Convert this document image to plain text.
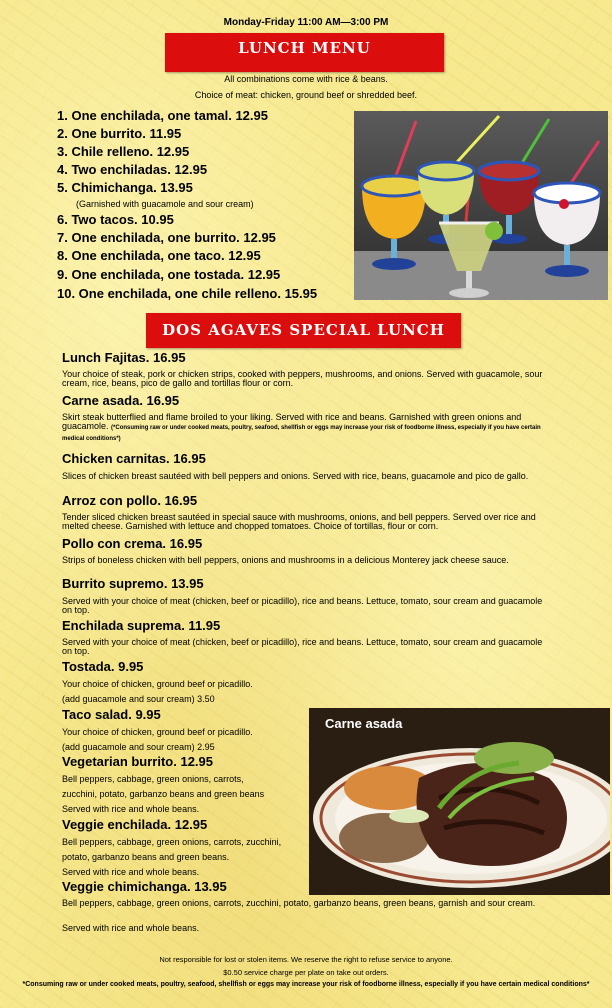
Monday-Friday 11:00 AM—3:00 PM
LUNCH MENU
All combinations come with rice & beans.
Choice of meat: chicken, ground beef or shredded beef.
1. One enchilada, one tamal. 12.95
2. One burrito. 11.95
3. Chile relleno. 12.95
4. Two enchiladas. 12.95
5. Chimichanga. 13.95
(Garnished with guacamole and sour cream)
6. Two tacos. 10.95
7. One enchilada, one burrito. 12.95
8. One enchilada, one taco. 12.95
9. One enchilada, one tostada. 12.95
10. One enchilada, one chile relleno. 15.95
DOS AGAVES SPECIAL LUNCH
Lunch Fajitas. 16.95
Your choice of steak, pork or chicken strips, cooked with peppers, mushrooms, and onions. Served with guacamole, sour cream, rice, beans, pico de gallo and tortillas flour or corn.
Carne asada. 16.95
Skirt steak butterflied and flame broiled to your liking. Served with rice and beans. Garnished with green onions and guacamole. (*Consuming raw or under cooked meats, poultry, seafood, shellfish or eggs may increase your risk of foodborne illness, especially if you have certain medical conditions*)
Chicken carnitas. 16.95
Slices of chicken breast sautéed with bell peppers and onions. Served with rice, beans, guacamole and pico de gallo.
Arroz con pollo. 16.95
Tender sliced chicken breast sautéed in special sauce with mushrooms, onions, and bell peppers. Served over rice and melted cheese. Garnished with lettuce and chopped tomatoes. Choice of tortillas, flour or corn.
Pollo con crema. 16.95
Strips of boneless chicken with bell peppers, onions and mushrooms in a delicious Monterey jack cheese sauce.
Burrito supremo. 13.95
Served with your choice of meat (chicken, beef or picadillo), rice and beans. Lettuce, tomato, sour cream and guacamole on top.
Enchilada suprema. 11.95
Served with your choice of meat (chicken, beef or picadillo), rice and beans. Lettuce, tomato, sour cream and guacamole on top.
Tostada. 9.95
Your choice of chicken, ground beef or picadillo.
(add guacamole and sour cream) 3.50
Taco salad. 9.95
Your choice of chicken, ground beef or picadillo.
(add guacamole and sour cream) 2.95
Vegetarian burrito. 12.95
Bell peppers, cabbage, green onions, carrots,
zucchini, potato, garbanzo beans and green beans
Served with rice and whole beans.
Veggie enchilada. 12.95
Bell peppers, cabbage, green onions, carrots, zucchini,
potato, garbanzo beans and green beans.
Served with rice and whole beans.
Veggie chimichanga. 13.95
Bell peppers, cabbage, green onions, carrots, zucchini, potato, garbanzo beans, green beans, garnish and sour cream.
Served with rice and whole beans.
Carne asada
Not responsible for lost or stolen items. We reserve the right to refuse service to anyone.
$0.50 service charge per plate on take out orders.
*Consuming raw or under cooked meats, poultry, seafood, shellfish or eggs may increase your risk of foodborne illness, especially if you have certain medical conditions*
